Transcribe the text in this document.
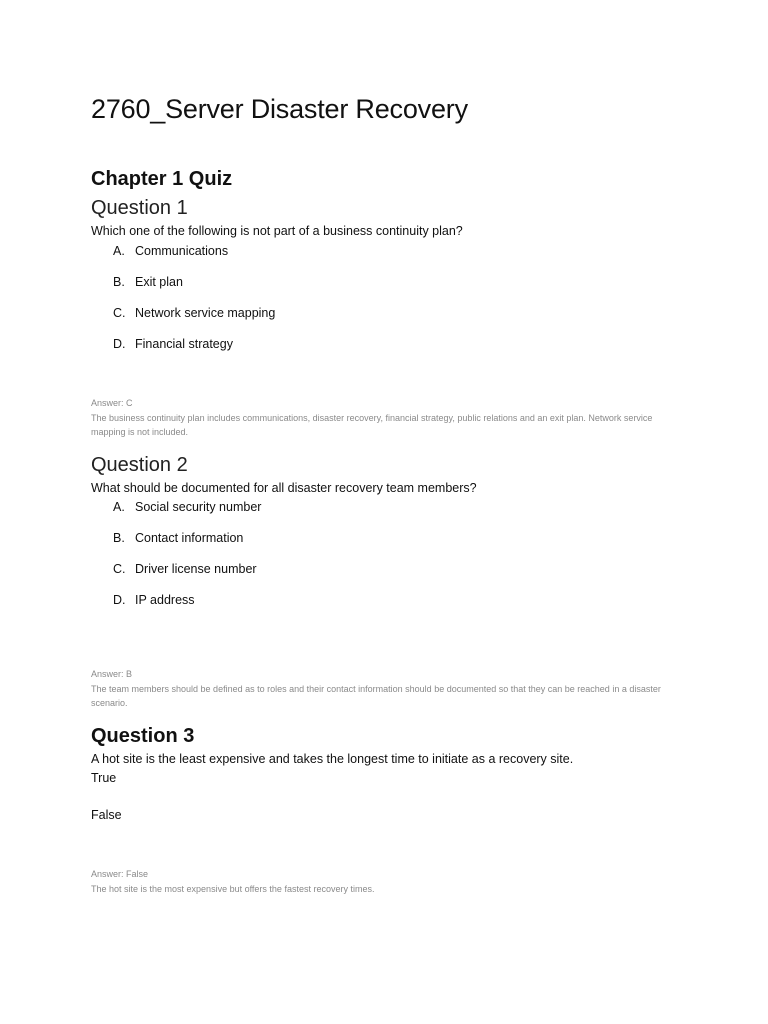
2760_Server Disaster Recovery
Chapter 1 Quiz
Question 1

Which one of the following is not part of a business continuity plan?

A. Communications

B. Exit plan

C. Network service mapping

D. Financial strategy

Answer: C

The business continuity plan includes communications, disaster recovery, financial strategy, public relations and an exit plan. Network service mapping is not included.

Question 2

What should be documented for all disaster recovery team members?

A. Social security number

B. Contact information

C. Driver license number

D. IP address

Answer: B

The team members should be defined as to roles and their contact information should be documented so that they can be reached in a disaster scenario.

Question 3

A hot site is the least expensive and takes the longest time to initiate as a recovery site.

True

False

Answer: False

The hot site is the most expensive but offers the fastest recovery times.
